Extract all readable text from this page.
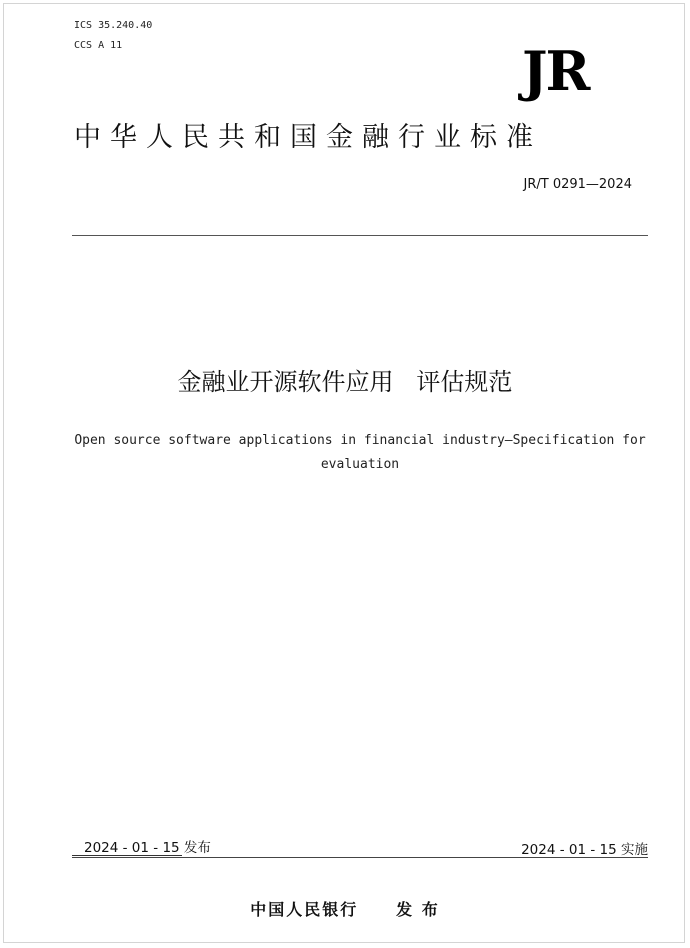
ICS 35.240.40
CCS A 11	JR
中华人民共和国金融行业标准
JR/T 0291—2024
金融业开源软件应用   评估规范
Open source software applications in financial industry—Specification for evaluation
2024 - 01 - 15 发布	2024 - 01 - 15 实施
中国人民银行     发 布
